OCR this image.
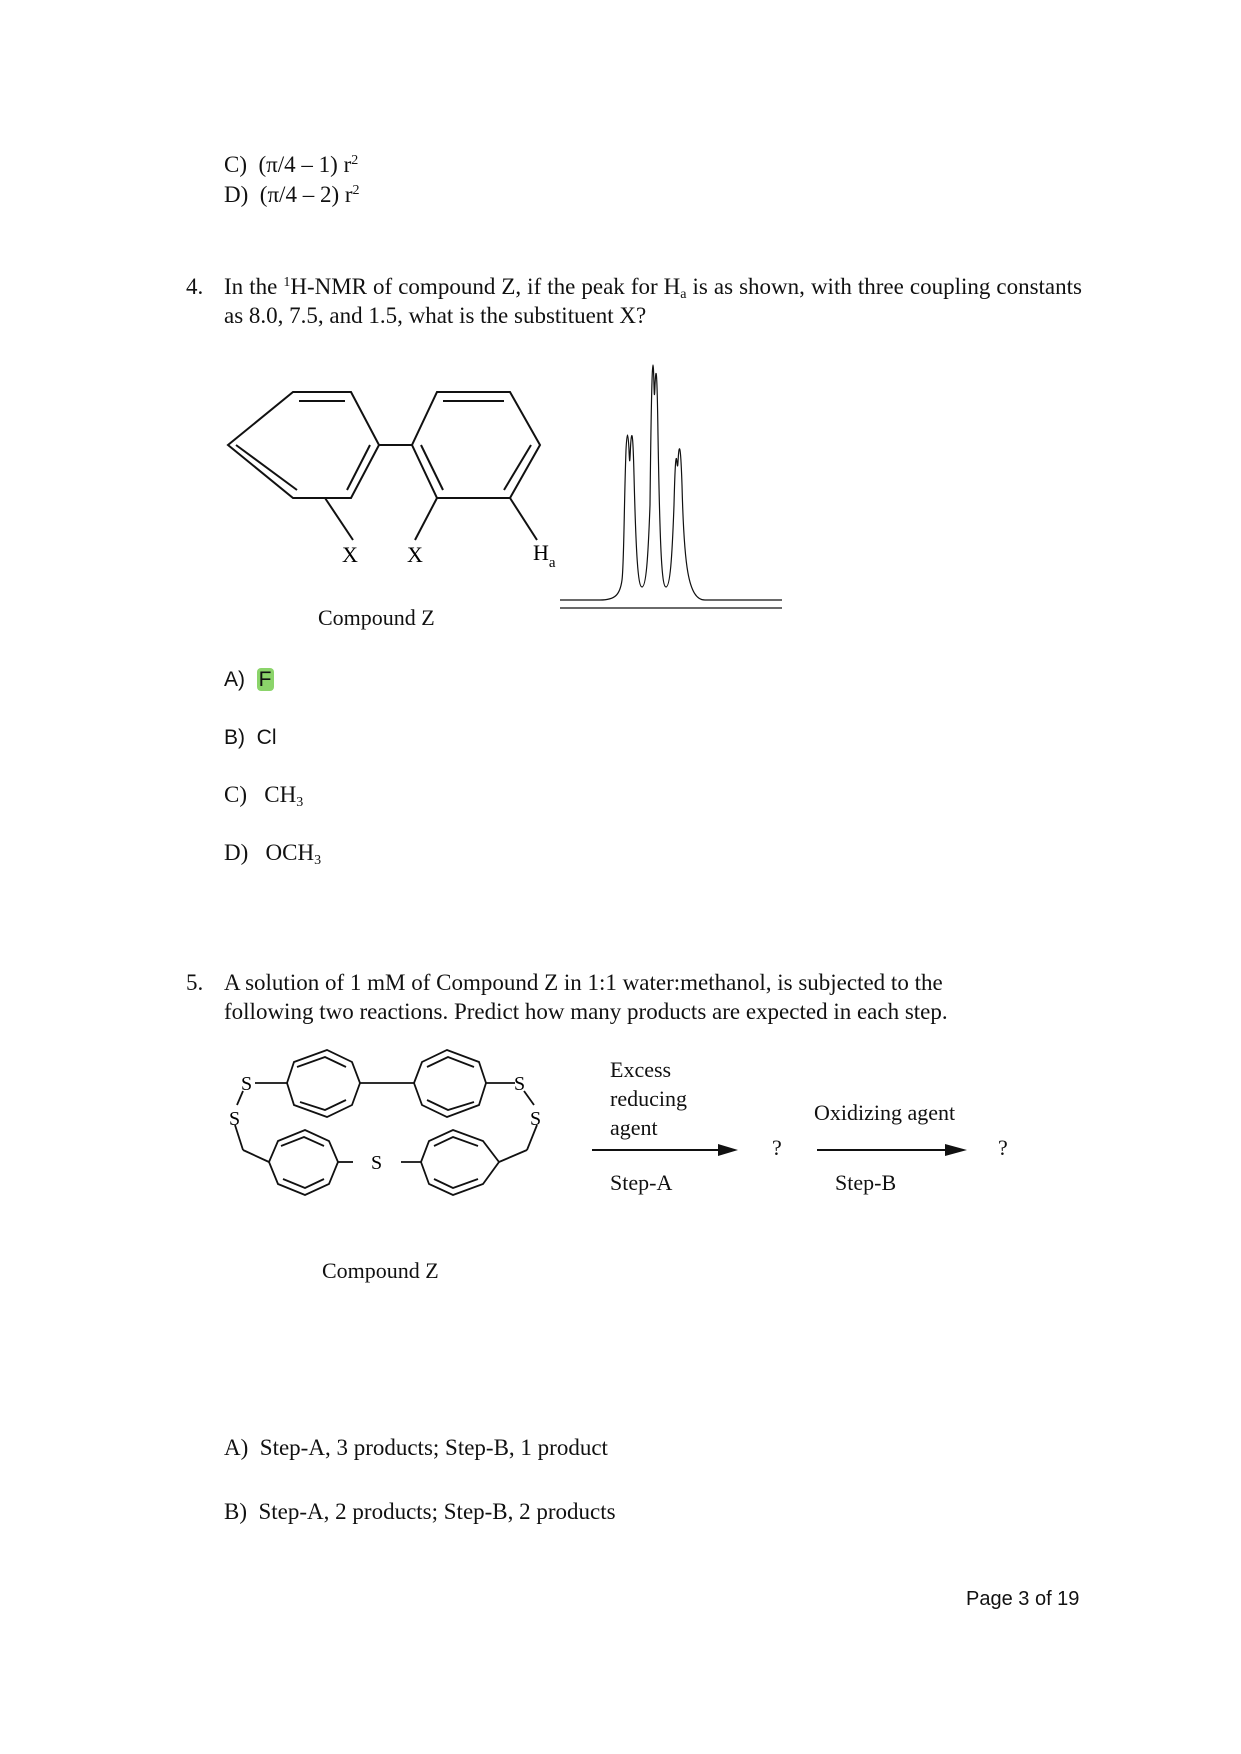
C) (π/4 – 1) $r^2$
D) (π/4 – 2) $r^2$
4. In the $^1$H-NMR of compound Z, if the peak for $H_a$ is as shown, with three coupling constants as 8.0, 7.5, and 1.5, what is the substituent X?
X X	$H_a$
Compound Z
A) F
B) Cl
C) $CH_3$
D) $OCH_3$
5. A solution of 1 mM of Compound Z in 1:1 water:methanol, is subjected to the
following two reactions. Predict how many products are expected in each step.
S
S
S
S
S
Compound Z
Excess
reducing
agent
Step-A
?
Oxidizing agent
Step-B
?
A) Step-A, 3 products; Step-B, 1 product
B) Step-A, 2 products; Step-B, 2 products
Page 3 of 19
